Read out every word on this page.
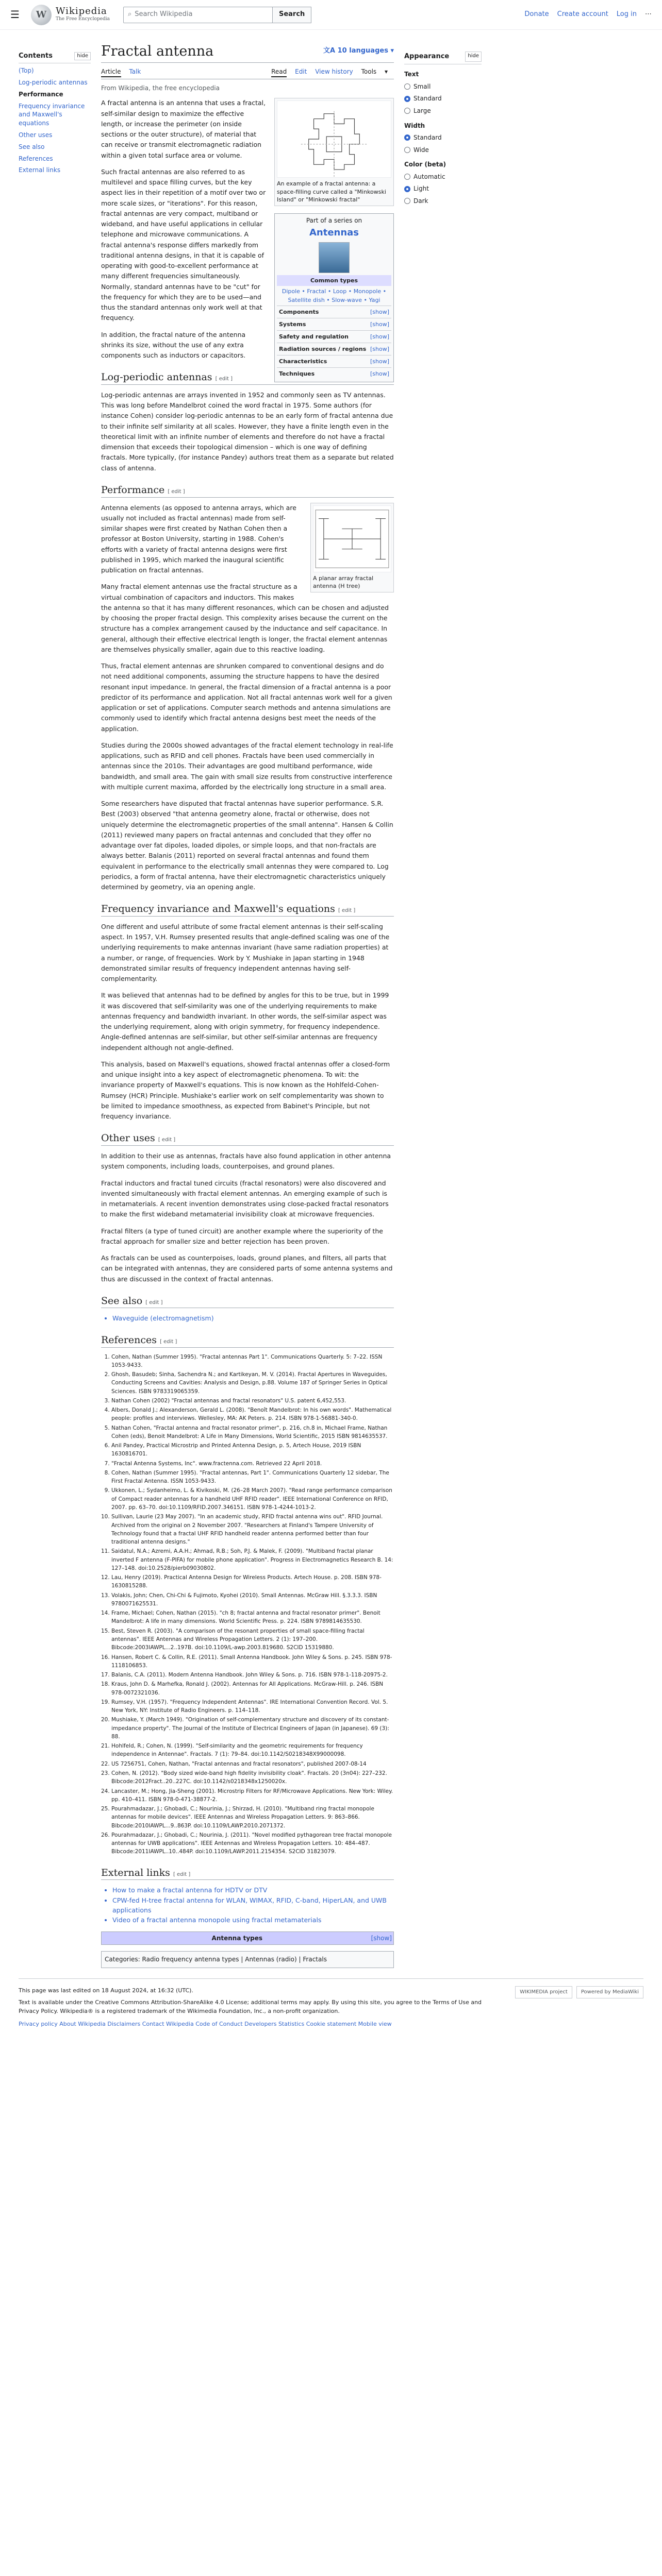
☰	W Wikipedia
The Free Encyclopedia
⌕ Search Wikipedia	Search	Donate Create account Log in ⋯
Contents	hide
(Top)
Log-periodic antennas
Performance
Frequency invariance and Maxwell's equations
Other uses
See also
References
External links
Fractal antenna	文A 10 languages ▾
Article Talk	Read Edit View history Tools ▾
From Wikipedia, the free encyclopedia
An example of a fractal antenna: a space-filling curve called a "Minkowski Island" or "Minkowski fractal"
Part of a series on
Antennas
Common types
Dipole • Fractal • Loop • Monopole • Satellite dish • Slow-wave • Yagi
Components	[show]
Systems	[show]
Safety and regulation	[show]
Radiation sources / regions [show]
Characteristics	[show]
Techniques	[show]

A fractal antenna is an antenna that uses a fractal, self-similar design to maximize the effective length, or increase the perimeter (on inside sections or the outer structure), of material that can receive or transmit electromagnetic radiation within a given total surface area or volume.

Such fractal antennas are also referred to as multilevel and space filling curves, but the key aspect lies in their repetition of a motif over two or more scale sizes, or "iterations". For this reason, fractal antennas are very compact, multiband or wideband, and have useful applications in cellular telephone and microwave communications. A fractal antenna's response differs markedly from traditional antenna designs, in that it is capable of operating with good-to-excellent performance at many different frequencies simultaneously. Normally, standard antennas have to be "cut" for the frequency for which they are to be used—and thus the standard antennas only work well at that frequency.

In addition, the fractal nature of the antenna shrinks its size, without the use of any extra components such as inductors or capacitors.

Log-periodic antennas [ edit ]

Log-periodic antennas are arrays invented in 1952 and commonly seen as TV antennas. This was long before Mandelbrot coined the word fractal in 1975. Some authors (for instance Cohen) consider log-periodic antennas to be an early form of fractal antenna due to their infinite self similarity at all scales. However, they have a finite length even in the theoretical limit with an infinite number of elements and therefore do not have a fractal dimension that exceeds their topological dimension – which is one way of defining fractals. More typically, (for instance Pandey) authors treat them as a separate but related class of antenna.

Performance [ edit ]
A planar array fractal antenna (H tree)

Antenna elements (as opposed to antenna arrays, which are usually not included as fractal antennas) made from self-similar shapes were first created by Nathan Cohen then a professor at Boston University, starting in 1988. Cohen's efforts with a variety of fractal antenna designs were first published in 1995, which marked the inaugural scientific publication on fractal antennas.

Many fractal element antennas use the fractal structure as a virtual combination of capacitors and inductors. This makes the antenna so that it has many different resonances, which can be chosen and adjusted by choosing the proper fractal design. This complexity arises because the current on the structure has a complex arrangement caused by the inductance and self capacitance. In general, although their effective electrical length is longer, the fractal element antennas are themselves physically smaller, again due to this reactive loading.

Thus, fractal element antennas are shrunken compared to conventional designs and do not need additional components, assuming the structure happens to have the desired resonant input impedance. In general, the fractal dimension of a fractal antenna is a poor predictor of its performance and application. Not all fractal antennas work well for a given application or set of applications. Computer search methods and antenna simulations are commonly used to identify which fractal antenna designs best meet the needs of the application.

Studies during the 2000s showed advantages of the fractal element technology in real-life applications, such as RFID and cell phones. Fractals have been used commercially in antennas since the 2010s. Their advantages are good multiband performance, wide bandwidth, and small area. The gain with small size results from constructive interference with multiple current maxima, afforded by the electrically long structure in a small area.

Some researchers have disputed that fractal antennas have superior performance. S.R. Best (2003) observed "that antenna geometry alone, fractal or otherwise, does not uniquely determine the electromagnetic properties of the small antenna". Hansen & Collin (2011) reviewed many papers on fractal antennas and concluded that they offer no advantage over fat dipoles, loaded dipoles, or simple loops, and that non-fractals are always better. Balanis (2011) reported on several fractal antennas and found them equivalent in performance to the electrically small antennas they were compared to. Log periodics, a form of fractal antenna, have their electromagnetic characteristics uniquely determined by geometry, via an opening angle.

Frequency invariance and Maxwell's equations [ edit ]

One different and useful attribute of some fractal element antennas is their self-scaling aspect. In 1957, V.H. Rumsey presented results that angle-defined scaling was one of the underlying requirements to make antennas invariant (have same radiation properties) at a number, or range, of frequencies. Work by Y. Mushiake in Japan starting in 1948 demonstrated similar results of frequency independent antennas having self-complementarity.

It was believed that antennas had to be defined by angles for this to be true, but in 1999 it was discovered that self-similarity was one of the underlying requirements to make antennas frequency and bandwidth invariant. In other words, the self-similar aspect was the underlying requirement, along with origin symmetry, for frequency independence. Angle-defined antennas are self-similar, but other self-similar antennas are frequency independent although not angle-defined.

This analysis, based on Maxwell's equations, showed fractal antennas offer a closed-form and unique insight into a key aspect of electromagnetic phenomena. To wit: the invariance property of Maxwell's equations. This is now known as the Hohlfeld-Cohen-Rumsey (HCR) Principle. Mushiake's earlier work on self complementarity was shown to be limited to impedance smoothness, as expected from Babinet's Principle, but not frequency invariance.

Other uses [ edit ]

In addition to their use as antennas, fractals have also found application in other antenna system components, including loads, counterpoises, and ground planes.

Fractal inductors and fractal tuned circuits (fractal resonators) were also discovered and invented simultaneously with fractal element antennas. An emerging example of such is in metamaterials. A recent invention demonstrates using close-packed fractal resonators to make the first wideband metamaterial invisibility cloak at microwave frequencies.

Fractal filters (a type of tuned circuit) are another example where the superiority of the fractal approach for smaller size and better rejection has been proven.

As fractals can be used as counterpoises, loads, ground planes, and filters, all parts that can be integrated with antennas, they are considered parts of some antenna systems and thus are discussed in the context of fractal antennas.

See also [ edit ]
• Waveguide (electromagnetism)
References [ edit ]
1. Cohen, Nathan (Summer 1995). "Fractal antennas Part 1". Communications Quarterly. 5: 7–22. ISSN 1053-9433.
2. Ghosh, Basudeb; Sinha, Sachendra N.; and Kartikeyan, M. V. (2014). Fractal Apertures in Waveguides, Conducting Screens and Cavities: Analysis and Design, p.88. Volume 187 of Springer Series in Optical Sciences. ISBN 9783319065359.
3. Nathan Cohen (2002) "Fractal antennas and fractal resonators" U.S. patent 6,452,553.
4. Albers, Donald J.; Alexanderson, Gerald L. (2008). "Benoît Mandelbrot: In his own words". Mathematical people: profiles and interviews. Wellesley, MA: AK Peters. p. 214. ISBN 978-1-56881-340-0.
5. Nathan Cohen, "Fractal antenna and fractal resonator primer", p. 216, ch.8 in, Michael Frame, Nathan Cohen (eds), Benoit Mandelbrot: A Life in Many Dimensions, World Scientific, 2015 ISBN 9814635537.
6. Anil Pandey, Practical Microstrip and Printed Antenna Design, p. 5, Artech House, 2019 ISBN 1630816701.
7. "Fractal Antenna Systems, Inc". www.fractenna.com. Retrieved 22 April 2018.
8. Cohen, Nathan (Summer 1995). "Fractal antennas, Part 1". Communications Quarterly 12 sidebar, The First Fractal Antenna. ISSN 1053-9433.
9. Ukkonen, L.; Sydanheimo, L. & Kivikoski, M. (26–28 March 2007). "Read range performance comparison of Compact reader antennas for a handheld UHF RFID reader". IEEE International Conference on RFID, 2007. pp. 63–70. doi:10.1109/RFID.2007.346151. ISBN 978-1-4244-1013-2.
10. Sullivan, Laurie (23 May 2007). "In an academic study, RFID fractal antenna wins out". RFID Journal. Archived from the original on 2 November 2007. "Researchers at Finland's Tampere University of Technology found that a fractal UHF RFID handheld reader antenna performed better than four traditional antenna designs."
11. Saidatul, N.A.; Azremi, A.A.H.; Ahmad, R.B.; Soh, P.J. & Malek, F. (2009). "Multiband fractal planar inverted F antenna (F-PIFA) for mobile phone application". Progress in Electromagnetics Research B. 14: 127–148. doi:10.2528/pierb09030802.
12. Lau, Henry (2019). Practical Antenna Design for Wireless Products. Artech House. p. 208. ISBN 978-1630815288.
13. Volakis, John; Chen, Chi-Chi & Fujimoto, Kyohei (2010). Small Antennas. McGraw Hill. §.3.3.3. ISBN 9780071625531.
14. Frame, Michael; Cohen, Nathan (2015). "ch 8; fractal antenna and fractal resonator primer". Benoit Mandelbrot: A life in many dimensions. World Scientific Press. p. 224. ISBN 9789814635530.
15. Best, Steven R. (2003). "A comparison of the resonant properties of small space-filling fractal antennas". IEEE Antennas and Wireless Propagation Letters. 2 (1): 197–200. Bibcode:2003IAWPL...2..197B. doi:10.1109/L-awp.2003.819680. S2CID 15319880.
16. Hansen, Robert C. & Collin, R.E. (2011). Small Antenna Handbook. John Wiley & Sons. p. 245. ISBN 978-1118106853.
17. Balanis, C.A. (2011). Modern Antenna Handbook. John Wiley & Sons. p. 716. ISBN 978-1-118-20975-2.
18. Kraus, John D. & Marhefka, Ronald J. (2002). Antennas for All Applications. McGraw-Hill. p. 246. ISBN 978-0072321036.
19. Rumsey, V.H. (1957). "Frequency Independent Antennas". IRE International Convention Record. Vol. 5. New York, NY: Institute of Radio Engineers. p. 114–118.
20. Mushiake, Y. (March 1949). "Origination of self-complementary structure and discovery of its constant-impedance property". The Journal of the Institute of Electrical Engineers of Japan (in Japanese). 69 (3): 88.
21. Hohlfeld, R.; Cohen, N. (1999). "Self-similarity and the geometric requirements for frequency independence in Antennae". Fractals. 7 (1): 79–84. doi:10.1142/S0218348X99000098.
22. US 7256751, Cohen, Nathan, "Fractal antennas and fractal resonators", published 2007-08-14
23. Cohen, N. (2012). "Body sized wide-band high fidelity invisibility cloak". Fractals. 20 (3n04): 227–232. Bibcode:2012Fract..20..227C. doi:10.1142/s0218348x1250020x.
24. Lancaster, M.; Hong, Jia-Sheng (2001). Microstrip Filters for RF/Microwave Applications. New York: Wiley. pp. 410–411. ISBN 978-0-471-38877-2.
25. Pourahmadazar, J.; Ghobadi, C.; Nourinia, J.; Shirzad, H. (2010). "Multiband ring fractal monopole antennas for mobile devices". IEEE Antennas and Wireless Propagation Letters. 9: 863–866. Bibcode:2010IAWPL...9..863P. doi:10.1109/LAWP.2010.2071372.
26. Pourahmadazar, J.; Ghobadi, C.; Nourinia, J. (2011). "Novel modified pythagorean tree fractal monopole antennas for UWB applications". IEEE Antennas and Wireless Propagation Letters. 10: 484–487. Bibcode:2011IAWPL..10..484P. doi:10.1109/LAWP.2011.2154354. S2CID 31823079.
External links [ edit ]
• How to make a fractal antenna for HDTV or DTV
• CPW-fed H-tree fractal antenna for WLAN, WIMAX, RFID, C-band, HiperLAN, and UWB applications
• Video of a fractal antenna monopole using fractal metamaterials
Antenna types	[show]
Categories: Radio frequency antenna types | Antennas (radio) | Fractals
Appearance	hide
Text
Small
Standard
Large
Width
Standard
Wide
Color (beta)
Automatic
Light
Dark
WIKIMEDIA project	Powered by MediaWiki
This page was last edited on 18 August 2024, at 16:32 (UTC).
Text is available under the Creative Commons Attribution-ShareAlike 4.0 License; additional terms may apply. By using this site, you agree to the Terms of Use and Privacy Policy. Wikipedia® is a registered trademark of the Wikimedia Foundation, Inc., a non-profit organization.
Privacy policy About Wikipedia Disclaimers Contact Wikipedia Code of Conduct Developers Statistics Cookie statement Mobile view
